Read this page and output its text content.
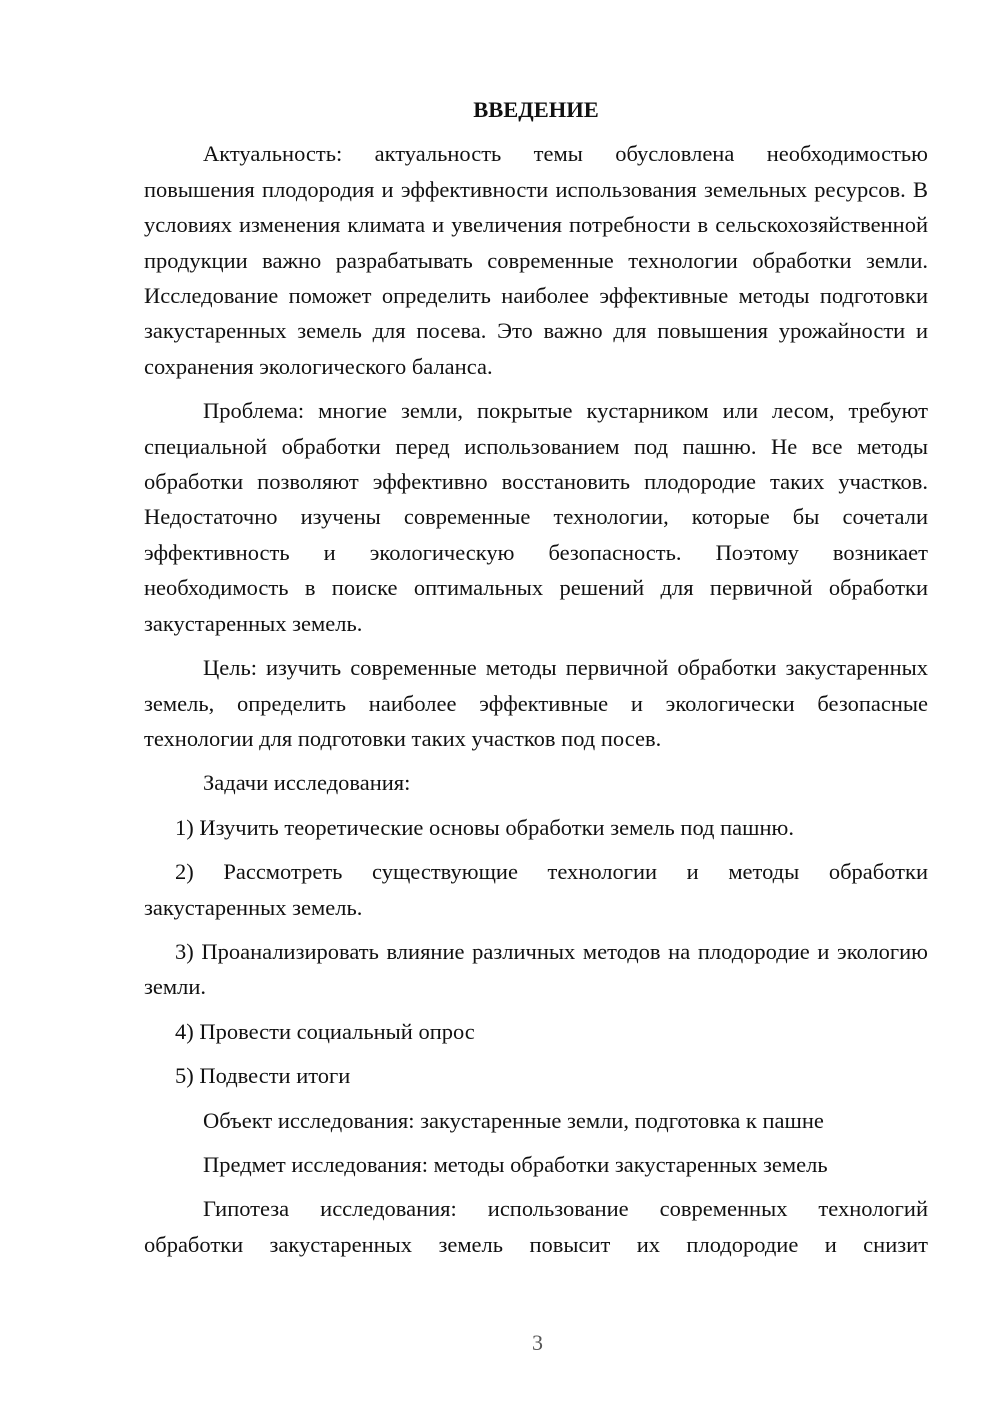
ВВЕДЕНИЕ
Актуальность: актуальность темы обусловлена необходимостью повышения плодородия и эффективности использования земельных ресурсов. В условиях изменения климата и увеличения потребности в сельскохозяйственной продукции важно разрабатывать современные технологии обработки земли. Исследование поможет определить наиболее эффективные методы подготовки закустаренных земель для посева. Это важно для повышения урожайности и сохранения экологического баланса.
Проблема: многие земли, покрытые кустарником или лесом, требуют специальной обработки перед использованием под пашню. Не все методы обработки позволяют эффективно восстановить плодородие таких участков. Недостаточно изучены современные технологии, которые бы сочетали эффективность и экологическую безопасность. Поэтому возникает необходимость в поиске оптимальных решений для первичной обработки закустаренных земель.
Цель: изучить современные методы первичной обработки закустаренных земель, определить наиболее эффективные и экологически безопасные технологии для подготовки таких участков под посев.
Задачи исследования:
1) Изучить теоретические основы обработки земель под пашню.
2) Рассмотреть существующие технологии и методы обработки закустаренных земель.
3) Проанализировать влияние различных методов на плодородие и экологию земли.
4) Провести социальный опрос
5) Подвести итоги
Объект исследования: закустаренные земли, подготовка к пашне
Предмет исследования: методы обработки закустаренных земель
Гипотеза исследования: использование современных технологий обработки закустаренных земель повысит их плодородие и снизит
3
